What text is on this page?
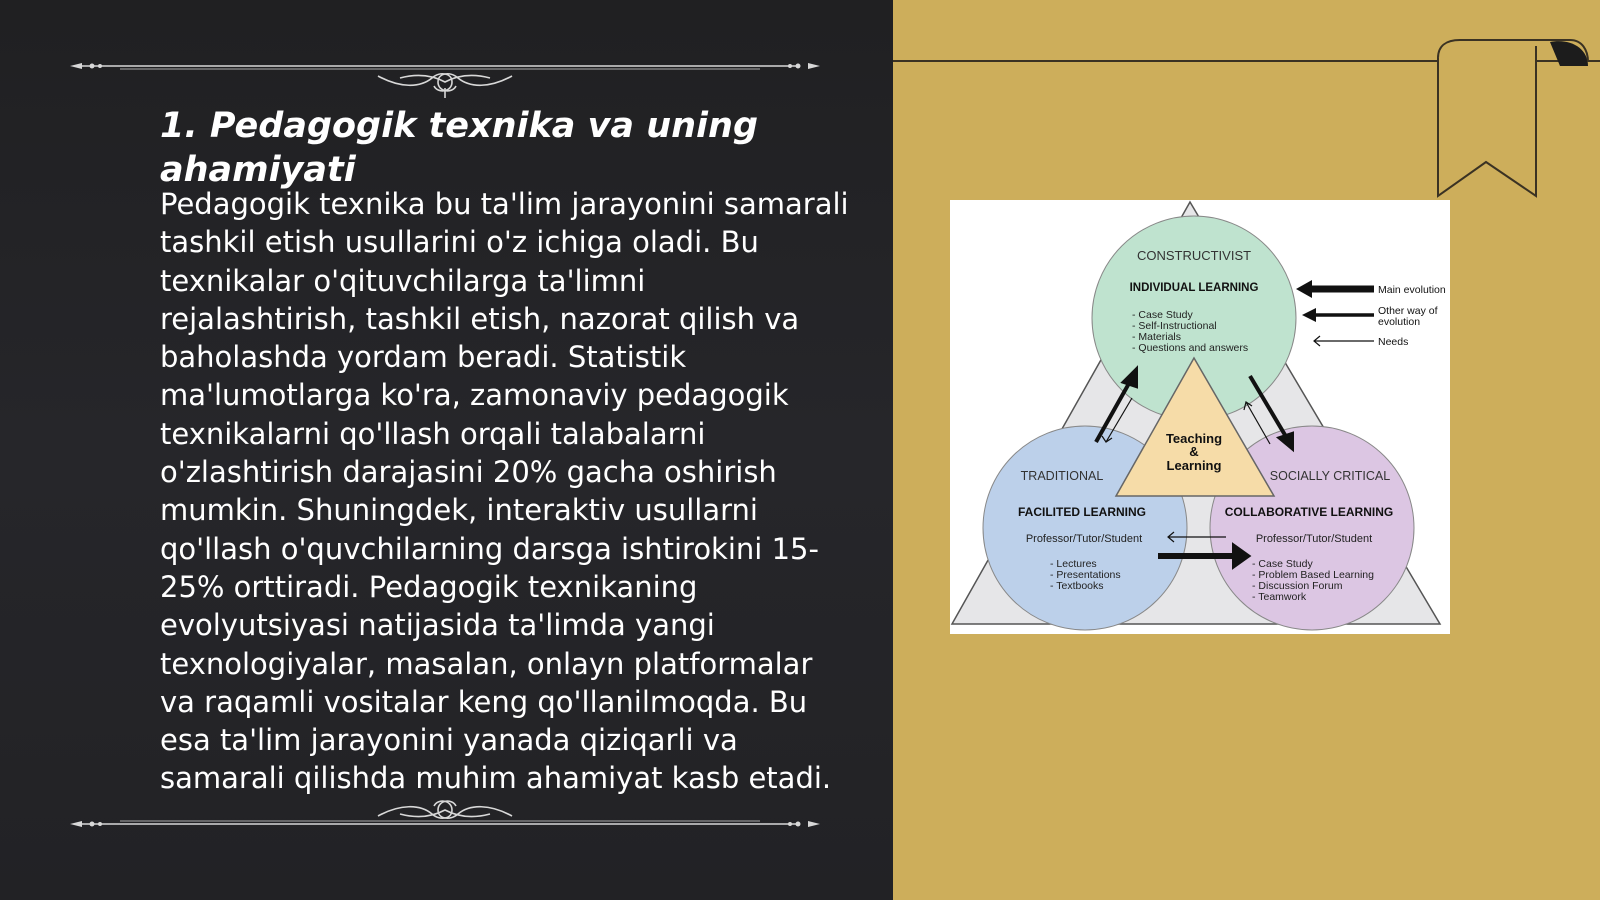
1. Pedagogik texnika va uning ahamiyati

Pedagogik texnika bu ta'lim jarayonini samarali tashkil etish usullarini o'z ichiga oladi. Bu texnikalar o'qituvchilarga ta'limni rejalashtirish, tashkil etish, nazorat qilish va baholashda yordam beradi. Statistik ma'lumotlarga ko'ra, zamonaviy pedagogik texnikalarni qo'llash orqali talabalarni o'zlashtirish darajasini 20% gacha oshirish mumkin. Shuningdek, interaktiv usullarni qo'llash o'quvchilarning darsga ishtirokini 15-25% orttiradi. Pedagogik texnikaning evolyutsiyasi natijasida ta'limda yangi texnologiyalar, masalan, onlayn platformalar va raqamli vositalar keng qo'llanilmoqda. Bu esa ta'lim jarayonini yanada qiziqarli va samarali qilishda muhim ahamiyat kasb etadi.

CONSTRUCTIVIST
INDIVIDUAL LEARNING
- Case Study
- Self-Instructional
- Materials
- Questions and answers
Teaching
&
Learning
TRADITIONAL
FACILITED LEARNING
Professor/Tutor/Student
- Lectures
- Presentations
- Textbooks
SOCIALLY CRITICAL
COLLABORATIVE LEARNING
Professor/Tutor/Student
- Case Study
- Problem Based Learning
- Discussion Forum
- Teamwork
Main evolution
Other way of
evolution
Needs
